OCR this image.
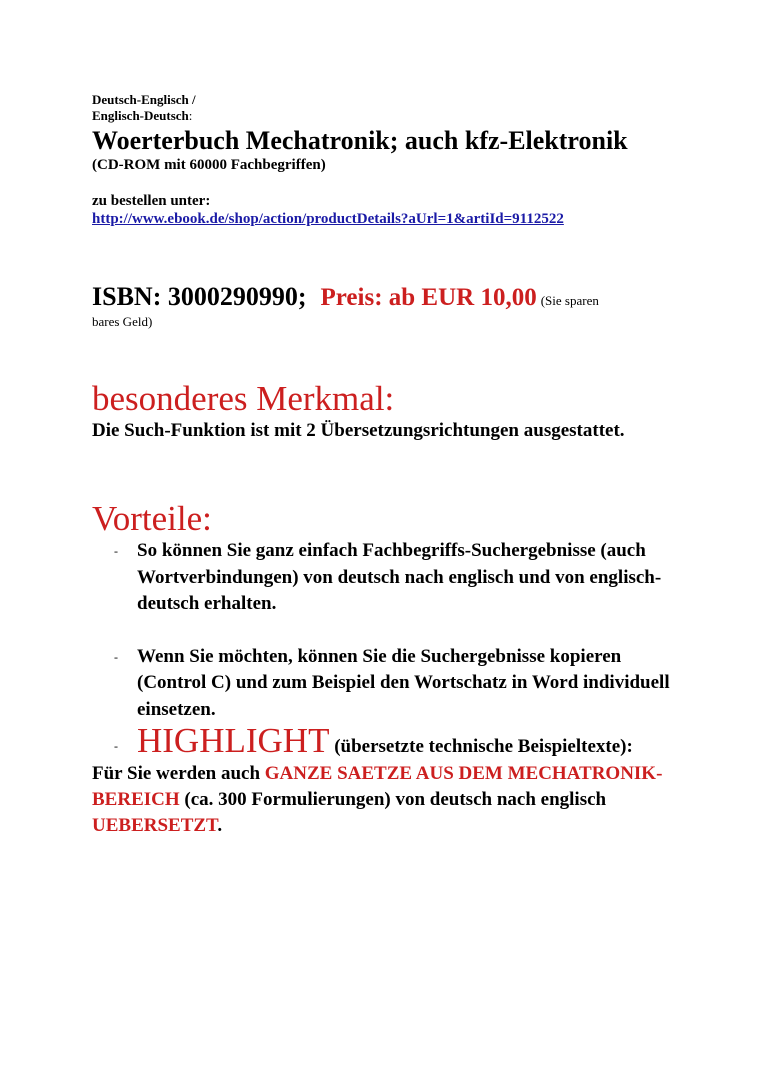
Deutsch-Englisch /
Englisch-Deutsch:
Woerterbuch Mechatronik; auch kfz-Elektronik
(CD-ROM mit 60000 Fachbegriffen)
zu bestellen unter:
http://www.ebook.de/shop/action/productDetails?aUrl=1&artiId=9112522
ISBN: 3000290990; Preis: ab EUR 10,00 (Sie sparen
bares Geld)
besonderes Merkmal:
Die Such-Funktion ist mit 2 Übersetzungsrichtungen ausgestattet.
Vorteile:
- So können Sie ganz einfach Fachbegriffs-Suchergebnisse (auch Wortverbindungen) von deutsch nach englisch und von englisch-deutsch erhalten.
- Wenn Sie möchten, können Sie die Suchergebnisse kopieren (Control C) und zum Beispiel den Wortschatz in Word individuell einsetzen.
- HIGHLIGHT (übersetzte technische Beispieltexte):
Für Sie werden auch GANZE SAETZE AUS DEM MECHATRONIK-BEREICH (ca. 300 Formulierungen) von deutsch nach englisch UEBERSETZT.
